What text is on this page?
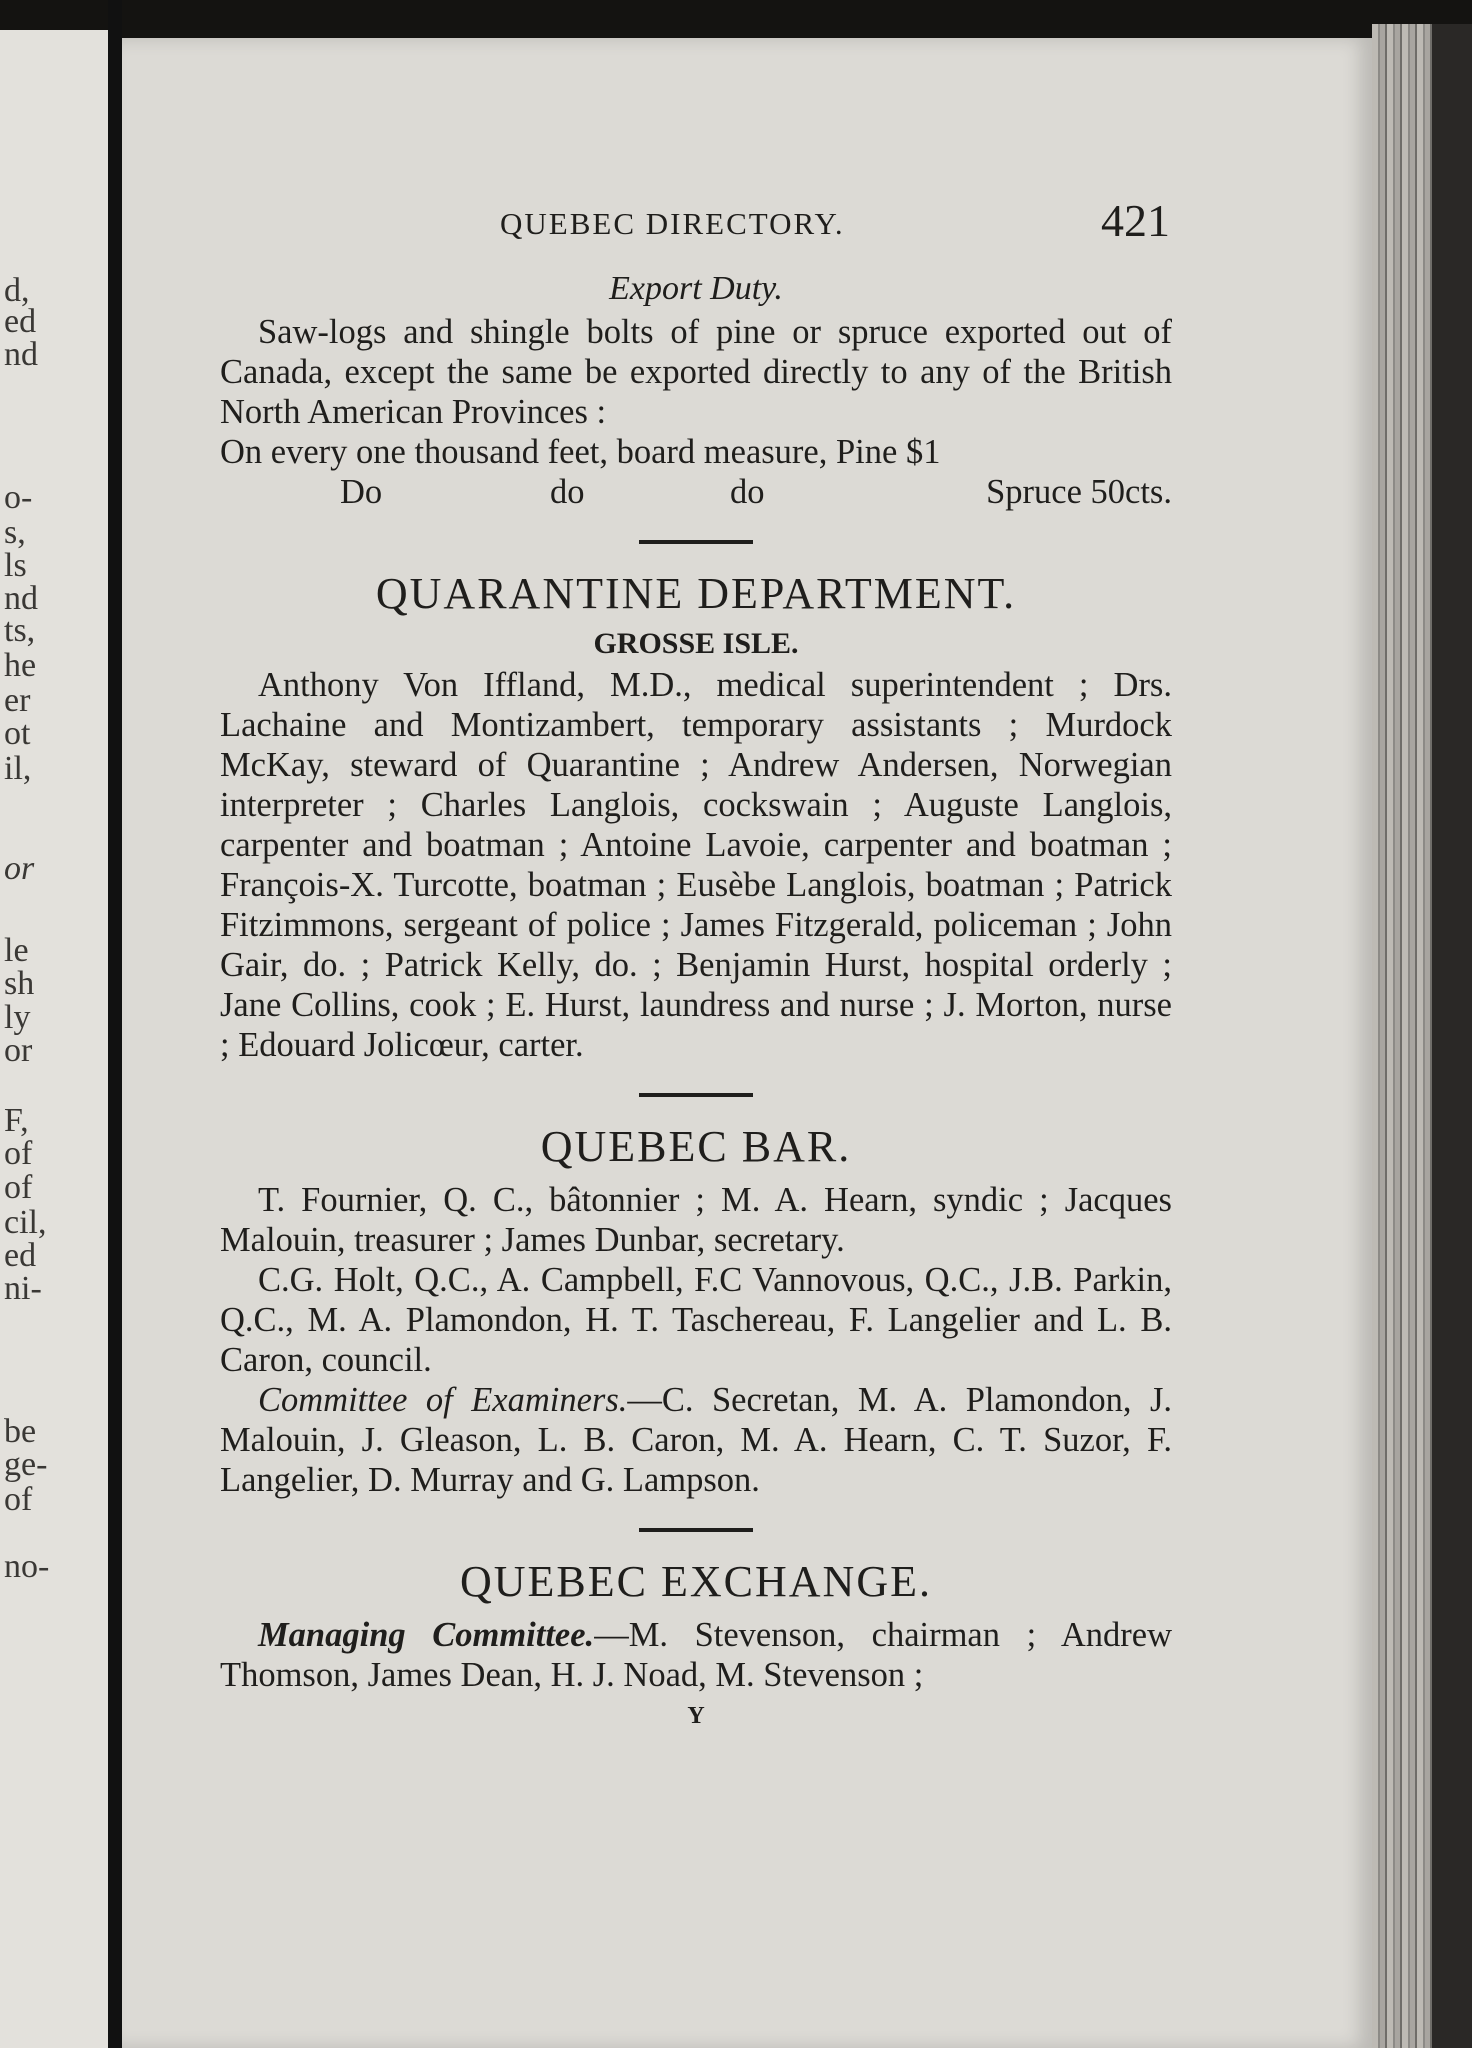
d,
ed
nd
o-
s,
ls
nd
ts,
he
er
ot
il,
or
le
sh
ly
or
F,
of
of
cil,
ed
ni-
be
ge-
of
no-
QUEBEC DIRECTORY.	421
Export Duty.

Saw-logs and shingle bolts of pine or spruce exported out of Canada, except the same be exported directly to any of the British North American Provinces :

On every one thousand feet, board measure, Pine $1

Do	do	do	Spruce 50cts.
QUARANTINE DEPARTMENT.
GROSSE ISLE.

Anthony Von Iffland, M.D., medical superintendent ; Drs. Lachaine and Montizambert, temporary assistants ; Murdock McKay, steward of Quarantine ; Andrew Andersen, Norwegian interpreter ; Charles Langlois, cockswain ; Auguste Langlois, carpenter and boatman ; Antoine Lavoie, carpenter and boatman ; François-X. Turcotte, boatman ; Eusèbe Langlois, boatman ; Patrick Fitzimmons, sergeant of police ; James Fitzgerald, policeman ; John Gair, do. ; Patrick Kelly, do. ; Benjamin Hurst, hospital orderly ; Jane Collins, cook ; E. Hurst, laundress and nurse ; J. Morton, nurse ; Edouard Jolicœur, carter.

QUEBEC BAR.

T. Fournier, Q. C., bâtonnier ; M. A. Hearn, syndic ; Jacques Malouin, treasurer ; James Dunbar, secretary.

C.G. Holt, Q.C., A. Campbell, F.C Vannovous, Q.C., J.B. Parkin, Q.C., M. A. Plamondon, H. T. Taschereau, F. Langelier and L. B. Caron, council.

Committee of Examiners.—C. Secretan, M. A. Plamondon, J. Malouin, J. Gleason, L. B. Caron, M. A. Hearn, C. T. Suzor, F. Langelier, D. Murray and G. Lampson.

QUEBEC EXCHANGE.

Managing Committee.—M. Stevenson, chairman ; Andrew Thomson, James Dean, H. J. Noad, M. Stevenson ;

Y
